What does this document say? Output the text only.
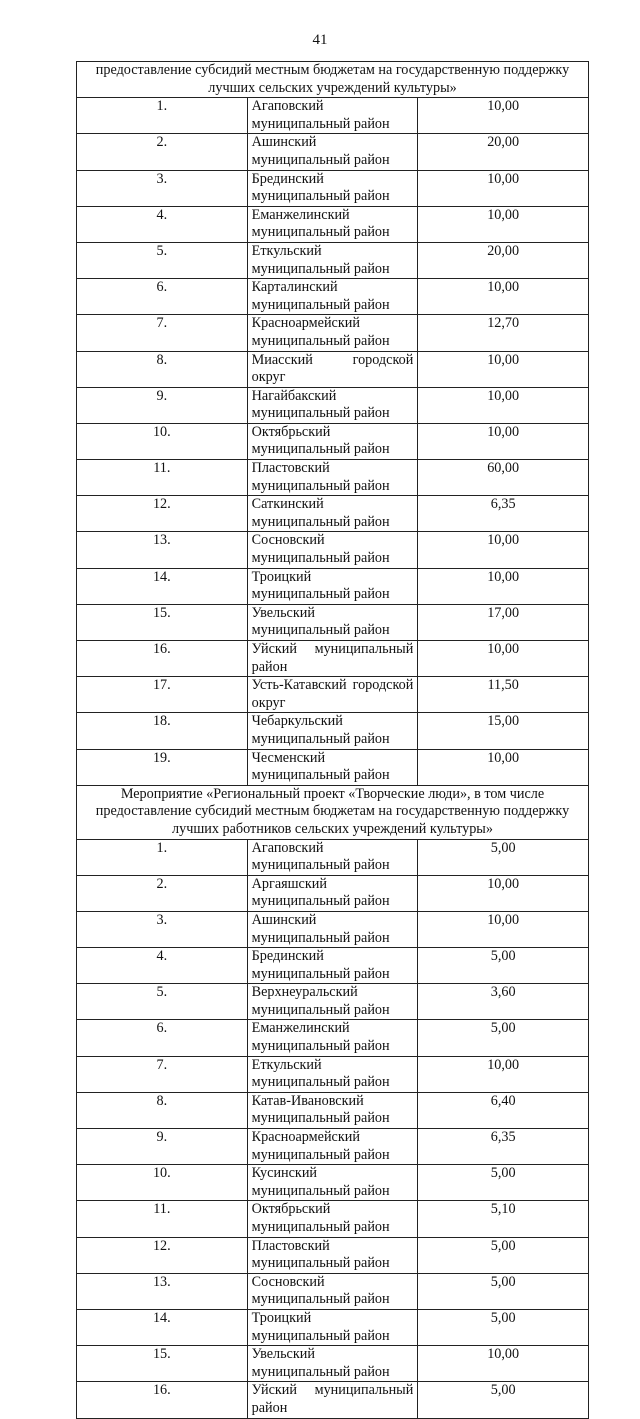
41
предоставление субсидий местным бюджетам на государственную поддержку лучших сельских учреждений культуры»		
1.	Агаповский муниципальный район	10,00
2.	Ашинский муниципальный район	20,00
3.	Брединский муниципальный район	10,00
4.	Еманжелинский муниципальный район	10,00
5.	Еткульский муниципальный район	20,00
6.	Карталинский муниципальный район	10,00
7.	Красноармейский муниципальный район	12,70
8.	Миасский городской округ	10,00
9.	Нагайбакский муниципальный район	10,00
10.	Октябрьский муниципальный район	10,00
11.	Пластовский муниципальный район	60,00
12.	Саткинский муниципальный район	6,35
13.	Сосновский муниципальный район	10,00
14.	Троицкий муниципальный район	10,00
15.	Увельский муниципальный район	17,00
16.	Уйский муниципальный район	10,00
17.	Усть-Катавский городской округ	11,50
18.	Чебаркульский муниципальный район	15,00
19.	Чесменский муниципальный район	10,00
Мероприятие «Региональный проект «Творческие люди», в том числе предоставление субсидий местным бюджетам на государственную поддержку лучших работников сельских учреждений культуры»		
1.	Агаповский муниципальный район	5,00
2.	Аргаяшский муниципальный район	10,00
3.	Ашинский муниципальный район	10,00
4.	Брединский муниципальный район	5,00
5.	Верхнеуральский муниципальный район	3,60
6.	Еманжелинский муниципальный район	5,00
7.	Еткульский муниципальный район	10,00
8.	Катав-Ивановский муниципальный район	6,40
9.	Красноармейский муниципальный район	6,35
10.	Кусинский муниципальный район	5,00
11.	Октябрьский муниципальный район	5,10
12.	Пластовский муниципальный район	5,00
13.	Сосновский муниципальный район	5,00
14.	Троицкий муниципальный район	5,00
15.	Увельский муниципальный район	10,00
16.	Уйский муниципальный район	5,00
